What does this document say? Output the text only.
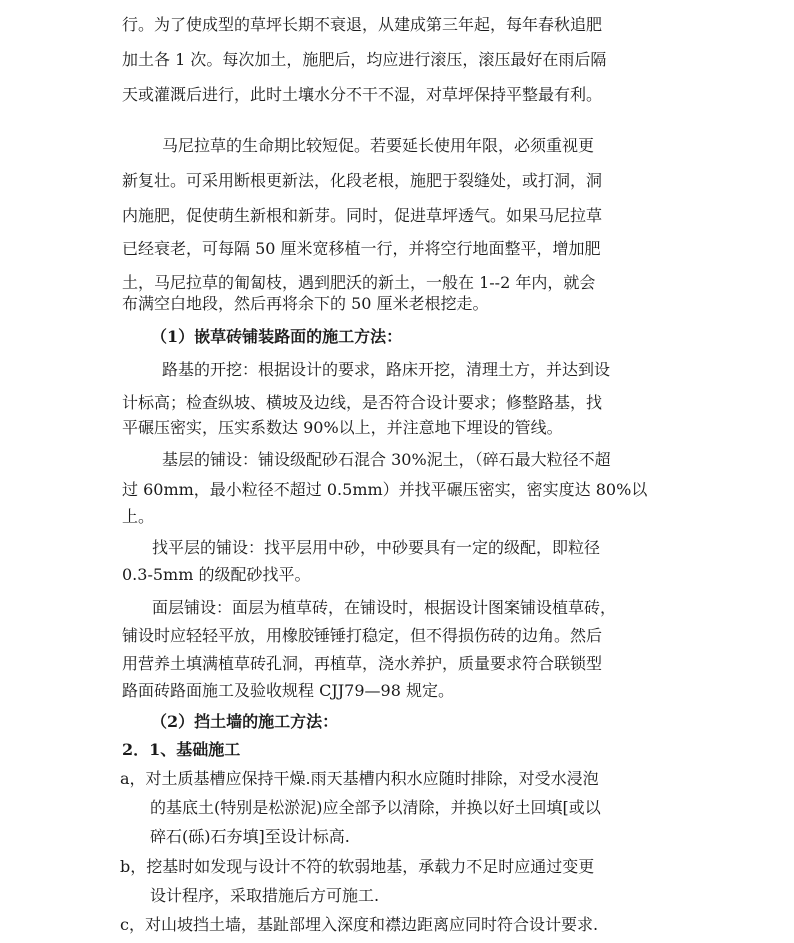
行。为了使成型的草坪长期不衰退，从建成第三年起，每年春秋追肥
加土各 1 次。每次加土，施肥后，均应进行滚压，滚压最好在雨后隔
天或灌溉后进行，此时土壤水分不干不湿，对草坪保持平整最有利。
马尼拉草的生命期比较短促。若要延长使用年限，必须重视更
新复壮。可采用断根更新法，化段老根，施肥于裂缝处，或打洞，洞
内施肥，促使萌生新根和新芽。同时，促进草坪透气。如果马尼拉草
已经衰老，可每隔 50 厘米宽移植一行，并将空行地面整平，增加肥
土，马尼拉草的匍匐枝，遇到肥沃的新土，一般在 1--2 年内，就会
布满空白地段，然后再将余下的 50 厘米老根挖走。
（1）嵌草砖铺装路面的施工方法：
路基的开挖：根据设计的要求，路床开挖，清理土方，并达到设
计标高；检查纵坡、横坡及边线，是否符合设计要求；修整路基，找
平碾压密实，压实系数达 90%以上，并注意地下埋设的管线。
基层的铺设：铺设级配砂石混合 30%泥土，（碎石最大粒径不超
过 60mm，最小粒径不超过 0.5mm）并找平碾压密实，密实度达 80%以
上。
找平层的铺设：找平层用中砂，中砂要具有一定的级配，即粒径
0.3-5mm 的级配砂找平。
面层铺设：面层为植草砖，在铺设时，根据设计图案铺设植草砖，
铺设时应轻轻平放，用橡胶锤锤打稳定，但不得损伤砖的边角。然后
用营养土填满植草砖孔洞，再植草，浇水养护，质量要求符合联锁型
路面砖路面施工及验收规程 CJJ79—98 规定。
（2）挡土墙的施工方法：
2．1、基础施工
a，对土质基槽应保持干燥.雨天基槽内积水应随时排除，对受水浸泡
的基底土(特别是松淤泥)应全部予以清除，并换以好土回填[或以
碎石(砾)石夯填]至设计标高.
b，挖基时如发现与设计不符的软弱地基，承载力不足时应通过变更
设计程序，采取措施后方可施工.
c，对山坡挡土墙，基趾部埋入深度和襟边距离应同时符合设计要求.
